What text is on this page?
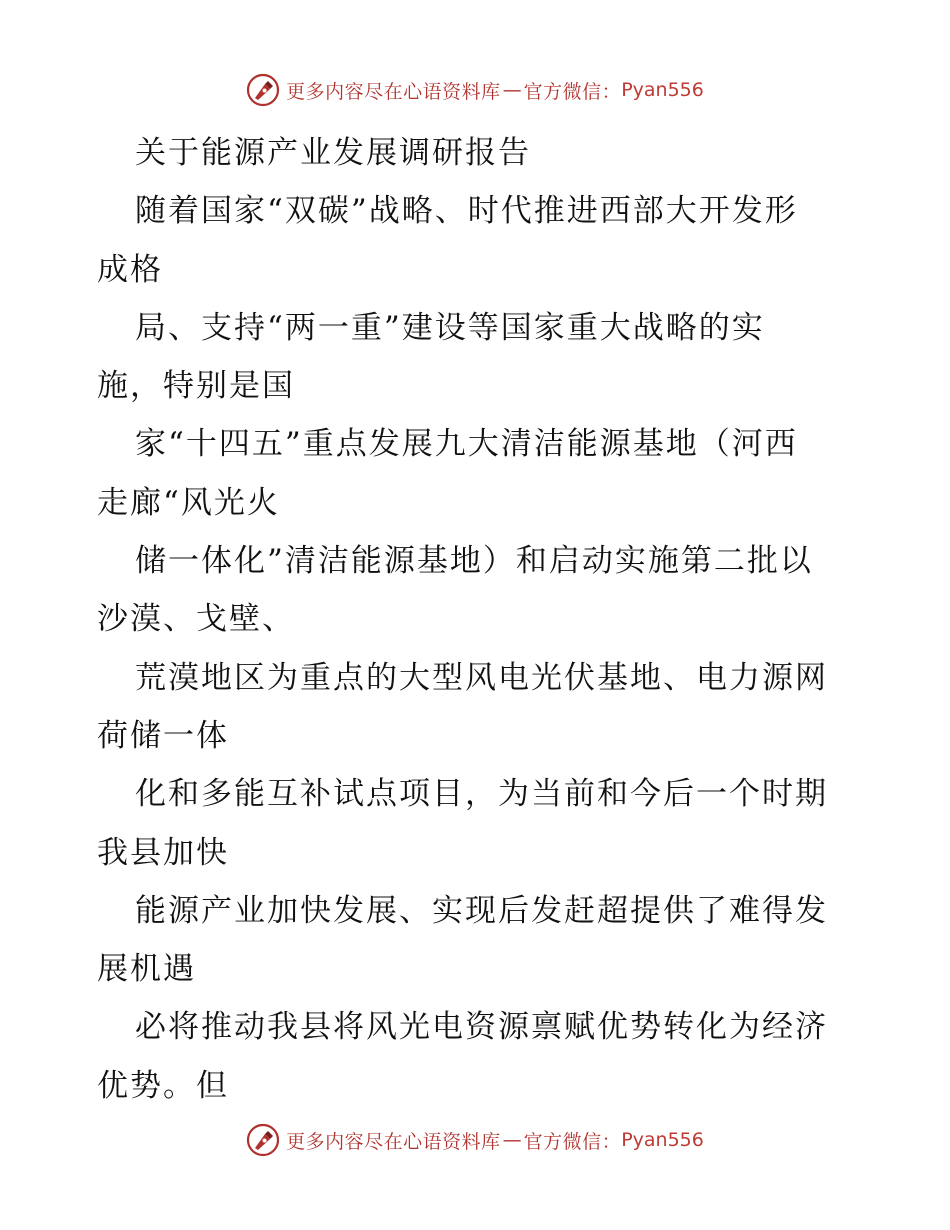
更多内容尽在心语资料库 — 官方微信： Pyan556
关于能源产业发展调研报告
随着国家“双碳”战略、时代推进西部大开发形
成格
局、支持“两一重”建设等国家重大战略的实
施，特别是国
家“十四五”重点发展九大清洁能源基地（河西
走廊“风光火
储一体化”清洁能源基地）和启动实施第二批以
沙漠、戈壁、
荒漠地区为重点的大型风电光伏基地、电力源网
荷储一体
化和多能互补试点项目，为当前和今后一个时期
我县加快
能源产业加快发展、实现后发赶超提供了难得发
展机遇
必将推动我县将风光电资源禀赋优势转化为经济
优势。但
更多内容尽在心语资料库 — 官方微信： Pyan556
